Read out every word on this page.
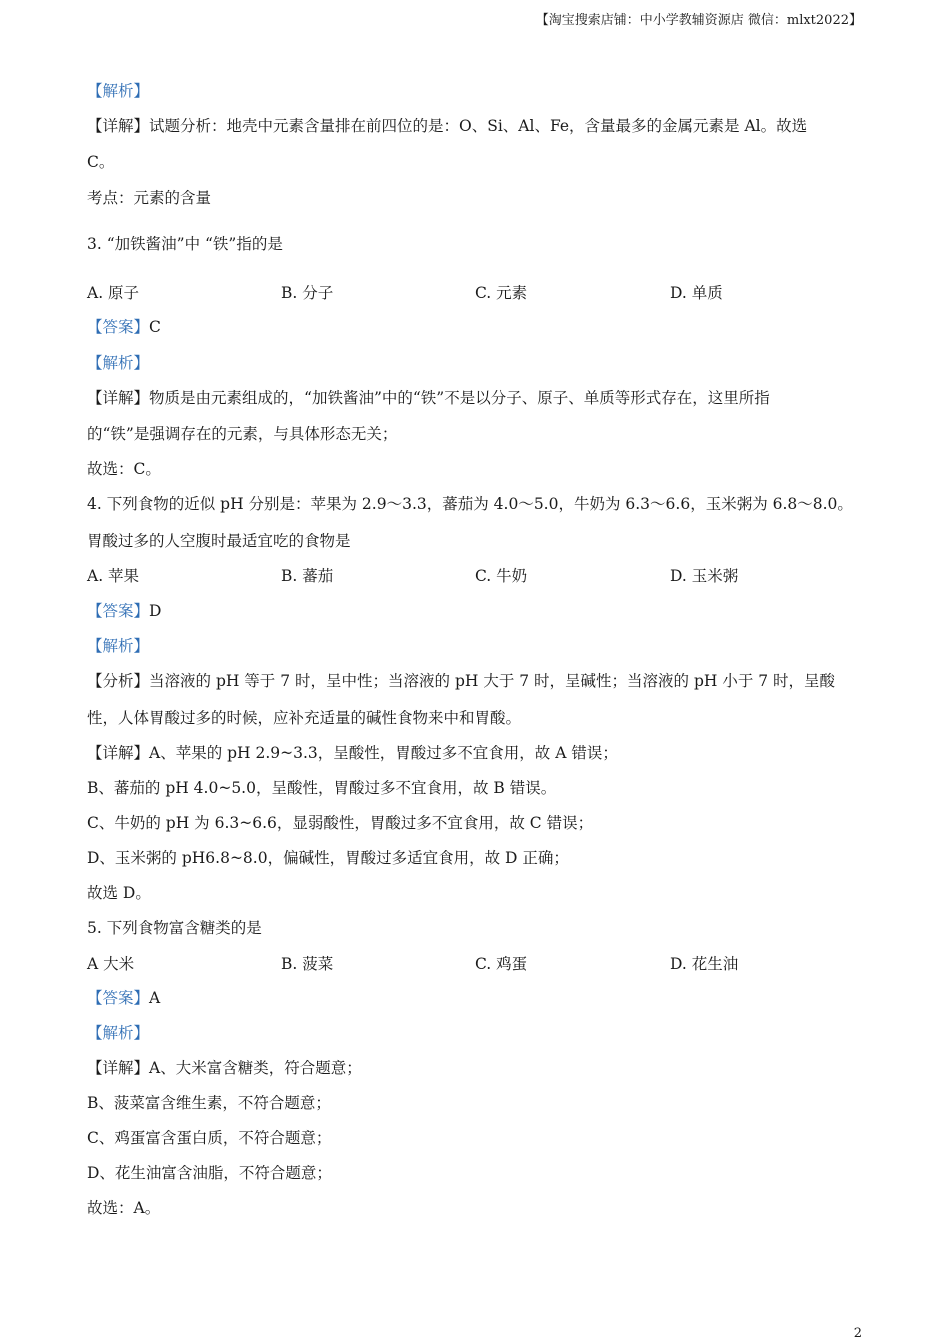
【淘宝搜索店铺：中小学教辅资源店 微信：mlxt2022】
【解析】
【详解】试题分析：地壳中元素含量排在前四位的是：O、Si、Al、Fe，含量最多的金属元素是 Al。故选
C。
考点：元素的含量
3. “加铁酱油”中 “铁”指的是
A. 原子	B. 分子	C. 元素	D. 单质
【答案】C
【解析】
【详解】物质是由元素组成的，“加铁酱油”中的“铁”不是以分子、原子、单质等形式存在，这里所指
的“铁”是强调存在的元素，与具体形态无关；
故选：C。
4. 下列食物的近似 pH 分别是：苹果为 2.9～3.3，蕃茄为 4.0～5.0，牛奶为 6.3～6.6，玉米粥为 6.8～8.0。
胃酸过多的人空腹时最适宜吃的食物是
A. 苹果	B. 蕃茄	C. 牛奶	D. 玉米粥
【答案】D
【解析】
【分析】当溶液的 pH 等于 7 时，呈中性；当溶液的 pH 大于 7 时，呈碱性；当溶液的 pH 小于 7 时，呈酸
性，人体胃酸过多的时候，应补充适量的碱性食物来中和胃酸。
【详解】A、苹果的 pH 2.9~3.3，呈酸性，胃酸过多不宜食用，故 A 错误；
B、蕃茄的 pH 4.0~5.0，呈酸性，胃酸过多不宜食用，故 B 错误。
C、牛奶的 pH 为 6.3~6.6，显弱酸性，胃酸过多不宜食用，故 C 错误；
D、玉米粥的 pH6.8~8.0，偏碱性，胃酸过多适宜食用，故 D 正确；
故选 D。
5. 下列食物富含糖类的是
A 大米	B. 菠菜	C. 鸡蛋	D. 花生油
【答案】A
【解析】
【详解】A、大米富含糖类，符合题意；
B、菠菜富含维生素，不符合题意；
C、鸡蛋富含蛋白质，不符合题意；
D、花生油富含油脂，不符合题意；
故选：A。
2
